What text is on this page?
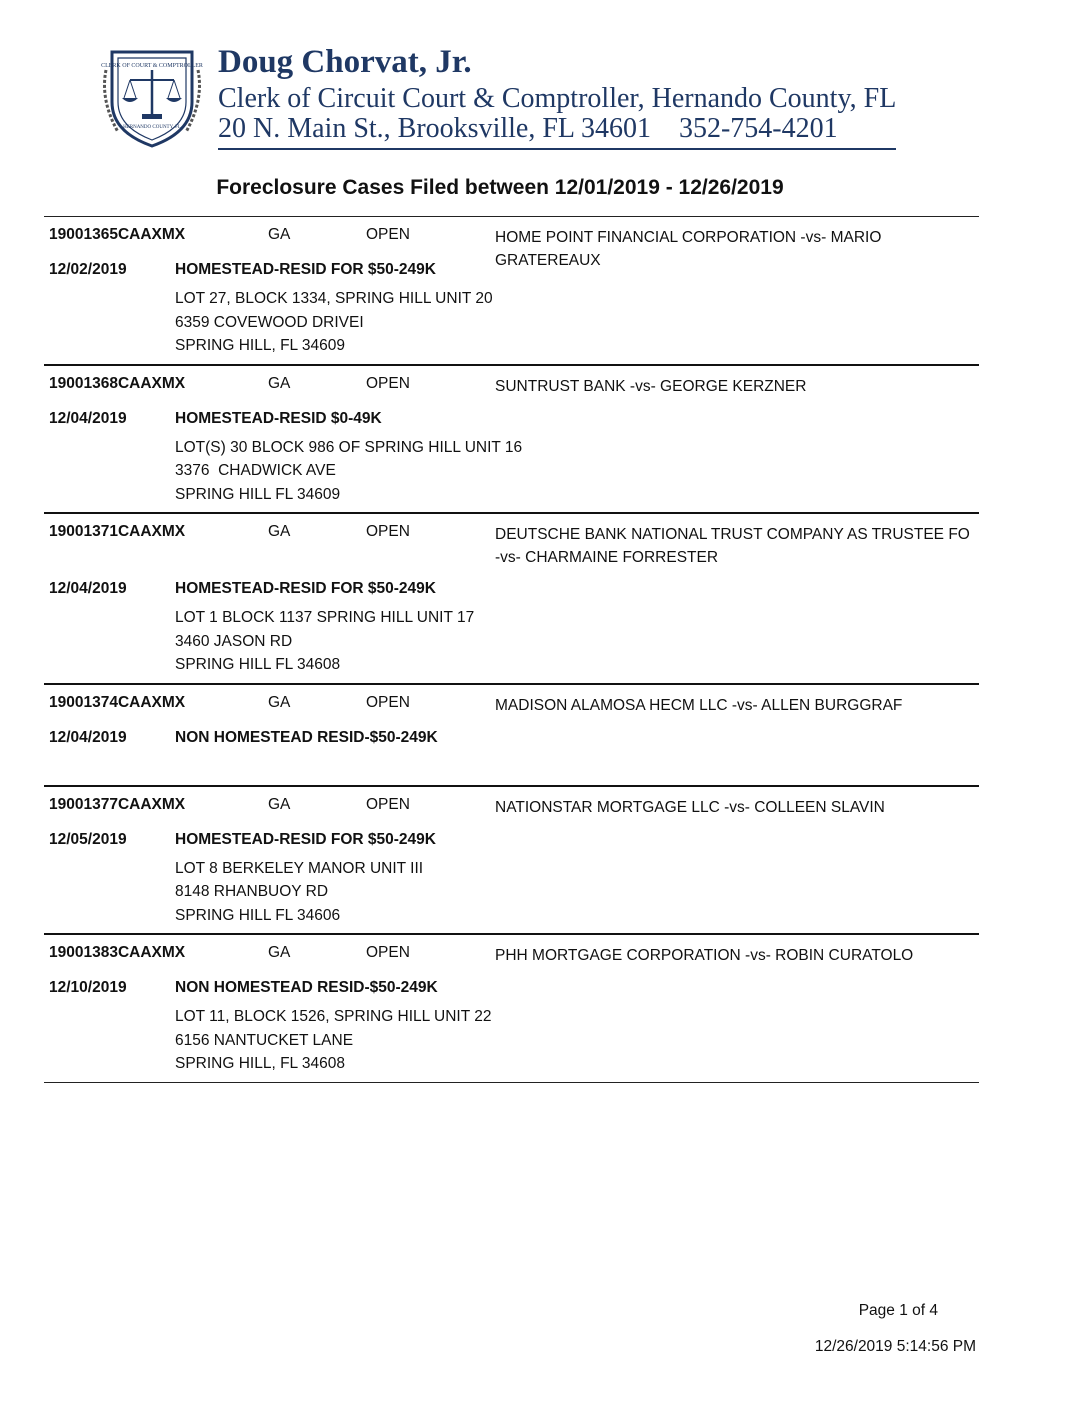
CLERK OF COURT & COMPTROLLER
HERNANDO COUNTY, FL
Doug Chorvat, Jr.
Clerk of Circuit Court & Comptroller, Hernando County, FL
20 N. Main St., Brooksville, FL 34601    352-754-4201
Foreclosure Cases Filed between 12/01/2019 - 12/26/2019
19001365CAAXMX	GA	OPEN	HOME POINT FINANCIAL CORPORATION -vs- MARIO GRATEREAUX
12/02/2019	HOMESTEAD-RESID FOR $50-249K
LOT 27, BLOCK 1334, SPRING HILL UNIT 20
6359 COVEWOOD DRIVEI
SPRING HILL, FL 34609
19001368CAAXMX	GA	OPEN	SUNTRUST BANK -vs- GEORGE KERZNER
12/04/2019	HOMESTEAD-RESID $0-49K
LOT(S) 30 BLOCK 986 OF SPRING HILL UNIT 16
3376  CHADWICK AVE
SPRING HILL FL 34609
19001371CAAXMX	GA	OPEN	DEUTSCHE BANK NATIONAL TRUST COMPANY AS TRUSTEE FO -vs- CHARMAINE FORRESTER
12/04/2019	HOMESTEAD-RESID FOR $50-249K
LOT 1 BLOCK 1137 SPRING HILL UNIT 17
3460 JASON RD
SPRING HILL FL 34608
19001374CAAXMX	GA	OPEN	MADISON ALAMOSA HECM LLC -vs- ALLEN BURGGRAF
12/04/2019	NON HOMESTEAD RESID-$50-249K
19001377CAAXMX	GA	OPEN	NATIONSTAR MORTGAGE LLC -vs- COLLEEN SLAVIN
12/05/2019	HOMESTEAD-RESID FOR $50-249K
LOT 8 BERKELEY MANOR UNIT III
8148 RHANBUOY RD
SPRING HILL FL 34606
19001383CAAXMX	GA	OPEN	PHH MORTGAGE CORPORATION -vs- ROBIN CURATOLO
12/10/2019	NON HOMESTEAD RESID-$50-249K
LOT 11, BLOCK 1526, SPRING HILL UNIT 22
6156 NANTUCKET LANE
SPRING HILL, FL 34608
Page 1 of 4
12/26/2019 5:14:56 PM
